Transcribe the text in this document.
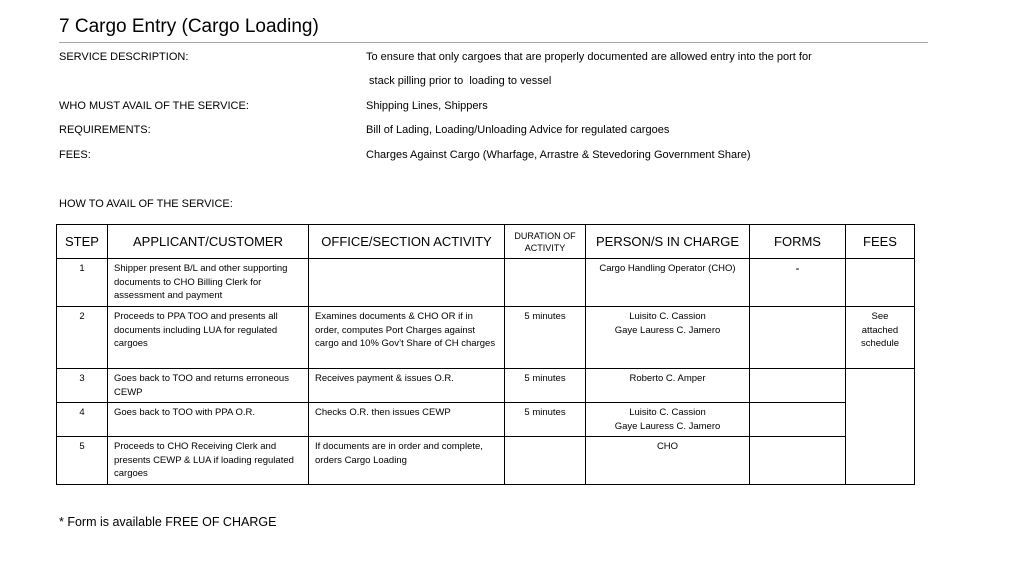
7 Cargo Entry (Cargo Loading)
SERVICE DESCRIPTION:	To ensure that only cargoes that are properly documented are allowed entry into the port for
stack pilling prior to  loading to vessel
WHO MUST AVAIL OF THE SERVICE:	Shipping Lines, Shippers
REQUIREMENTS:	Bill of Lading, Loading/Unloading Advice for regulated cargoes
FEES:	Charges Against Cargo (Wharfage, Arrastre & Stevedoring Government Share)
HOW TO AVAIL OF THE SERVICE:
STEP	APPLICANT/CUSTOMER	OFFICE/SECTION ACTIVITY	DURATION OF ACTIVITY	PERSON/S IN CHARGE	FORMS	FEES
1	Shipper present B/L and other supporting documents to CHO Billing Clerk for assessment and payment			Cargo Handling Operator (CHO)	-	
2	Proceeds to PPA TOO and presents all documents including LUA for regulated cargoes	Examines documents & CHO OR if in order, computes Port Charges against cargo and 10% Gov’t Share of CH charges	5 minutes	Luisito C. Cassion
Gaye Lauress C. Jamero		See attached schedule
3	Goes back to TOO and returns erroneous CEWP	Receives payment & issues O.R.	5 minutes	Roberto C. Amper		
4	Goes back to TOO with PPA O.R.	Checks O.R. then issues CEWP	5 minutes	Luisito C. Cassion
Gaye Lauress C. Jamero		

5	Proceeds to CHO Receiving Clerk and presents CEWP & LUA if loading regulated cargoes	If documents are in order and complete, orders Cargo Loading		CHO		
* Form is available FREE OF CHARGE
